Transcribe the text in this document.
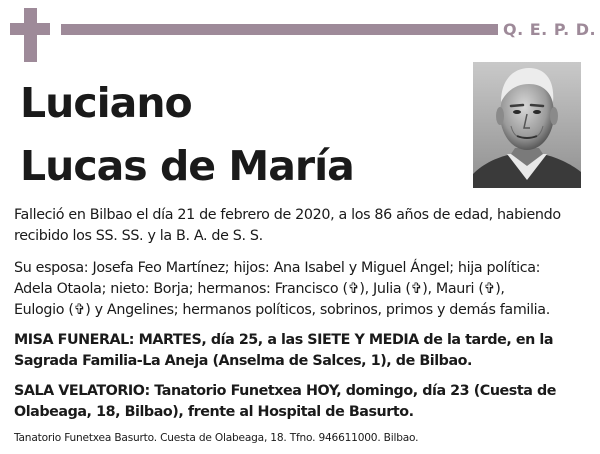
Q. E. P. D.
Luciano
Lucas de María
Falleció en Bilbao el día 21 de febrero de 2020, a los 86 años de edad, habiendo
recibido los SS. SS. y la B. A. de S. S.
Su esposa: Josefa Feo Martínez; hijos: Ana Isabel y Miguel Ángel; hija política:
Adela Otaola; nieto: Borja; hermanos: Francisco (✞), Julia (✞), Mauri (✞),
Eulogio (✞) y Angelines; hermanos políticos, sobrinos, primos y demás familia.
MISA FUNERAL: MARTES, día 25, a las SIETE Y MEDIA de la tarde, en la
Sagrada Familia-La Aneja (Anselma de Salces, 1), de Bilbao.
SALA VELATORIO: Tanatorio Funetxea HOY, domingo, día 23 (Cuesta de
Olabeaga, 18, Bilbao), frente al Hospital de Basurto.
Tanatorio Funetxea Basurto. Cuesta de Olabeaga, 18. Tfno. 946611000. Bilbao.
